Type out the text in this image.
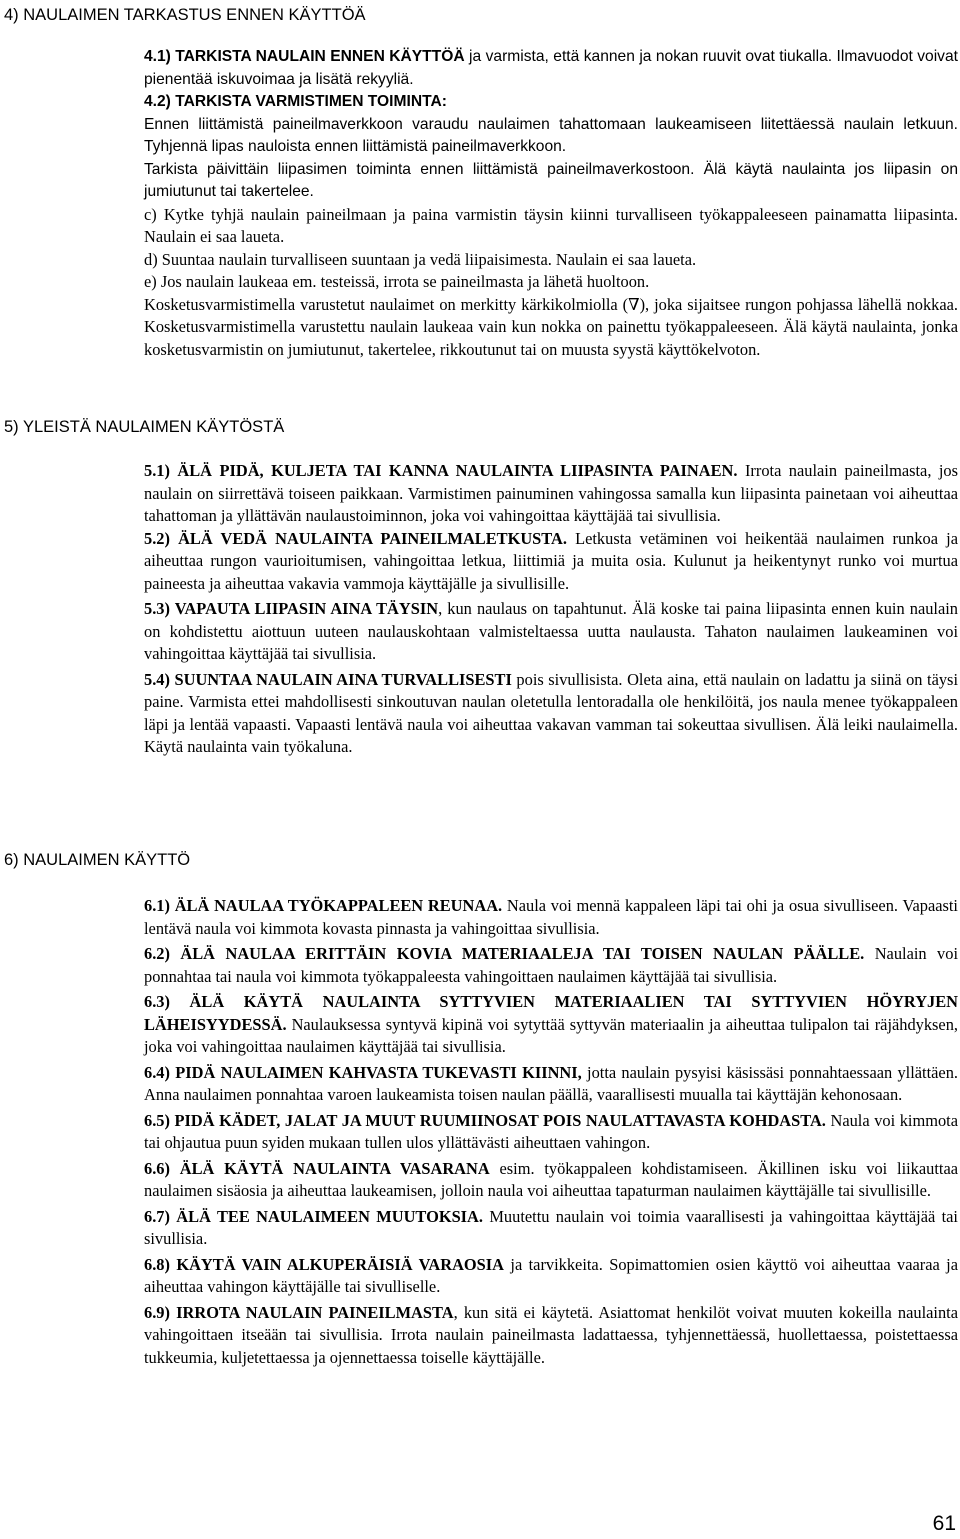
4) NAULAIMEN TARKASTUS ENNEN KÄYTTÖÄ

4.1) TARKISTA NAULAIN ENNEN KÄYTTÖÄ ja varmista, että kannen ja nokan ruuvit ovat tiukalla. Ilmavuodot voivat pienentää iskuvoimaa ja lisätä rekyyliä.

4.2) TARKISTA VARMISTIMEN TOIMINTA:

Ennen liittämistä paineilmaverkkoon varaudu naulaimen tahattomaan laukeamiseen liitettäessä naulain letkuun. Tyhjennä lipas nauloista ennen liittämistä paineilmaverkkoon.

Tarkista päivittäin liipasimen toiminta ennen liittämistä paineilmaverkostoon. Älä käytä naulainta jos liipasin on jumiutunut tai takertelee.

c) Kytke tyhjä naulain paineilmaan ja paina varmistin täysin kiinni turvalliseen työkappaleeseen painamatta liipasinta. Naulain ei saa laueta.

d) Suuntaa naulain turvalliseen suuntaan ja vedä liipaisimesta. Naulain ei saa laueta.

e) Jos naulain laukeaa em. testeissä, irrota se paineilmasta ja lähetä huoltoon.

Kosketusvarmistimella varustetut naulaimet on merkitty kärkikolmiolla (∇), joka sijaitsee rungon pohjassa lähellä nokkaa. Kosketusvarmistimella varustettu naulain laukeaa vain kun nokka on painettu työkappaleeseen. Älä käytä naulainta, jonka kosketusvarmistin on jumiutunut, takertelee, rikkoutunut tai on muusta syystä käyttökelvoton.

5) YLEISTÄ NAULAIMEN KÄYTÖSTÄ

5.1) ÄLÄ PIDÄ, KULJETA TAI KANNA NAULAINTA LIIPASINTA PAINAEN. Irrota naulain paineilmasta, jos naulain on siirrettävä toiseen paikkaan. Varmistimen painuminen vahingossa samalla kun liipasinta painetaan voi aiheuttaa tahattoman ja yllättävän naulaustoiminnon, joka voi vahingoittaa käyttäjää tai sivullisia.

5.2) ÄLÄ VEDÄ NAULAINTA PAINEILMALETKUSTA. Letkusta vetäminen voi heikentää naulaimen runkoa ja aiheuttaa rungon vaurioitumisen, vahingoittaa letkua, liittimiä ja muita osia. Kulunut ja heikentynyt runko voi murtua paineesta ja aiheuttaa vakavia vammoja käyttäjälle ja sivullisille.

5.3) VAPAUTA LIIPASIN AINA TÄYSIN, kun naulaus on tapahtunut. Älä koske tai paina liipasinta ennen kuin naulain on kohdistettu aiottuun uuteen naulauskohtaan valmisteltaessa uutta naulausta. Tahaton naulaimen laukeaminen voi vahingoittaa käyttäjää tai sivullisia.

5.4) SUUNTAA NAULAIN AINA TURVALLISESTI pois sivullisista. Oleta aina, että naulain on ladattu ja siinä on täysi paine. Varmista ettei mahdollisesti sinkoutuvan naulan oletetulla lentoradalla ole henkilöitä, jos naula menee työkappaleen läpi ja lentää vapaasti. Vapaasti lentävä naula voi aiheuttaa vakavan vamman tai sokeuttaa sivullisen. Älä leiki naulaimella. Käytä naulainta vain työkaluna.

6) NAULAIMEN KÄYTTÖ

6.1) ÄLÄ NAULAA TYÖKAPPALEEN REUNAA. Naula voi mennä kappaleen läpi tai ohi ja osua sivulliseen. Vapaasti lentävä naula voi kimmota kovasta pinnasta ja vahingoittaa sivullisia.

6.2) ÄLÄ NAULAA ERITTÄIN KOVIA MATERIAALEJA TAI TOISEN NAULAN PÄÄLLE. Naulain voi ponnahtaa tai naula voi kimmota työkappaleesta vahingoittaen naulaimen käyttäjää tai sivullisia.

6.3) ÄLÄ KÄYTÄ NAULAINTA SYTTYVIEN MATERIAALIEN TAI SYTTYVIEN HÖYRYJEN LÄHEISYYDESSÄ. Naulauksessa syntyvä kipinä voi sytyttää syttyvän materiaalin ja aiheuttaa tulipalon tai räjähdyksen, joka voi vahingoittaa naulaimen käyttäjää tai sivullisia.

6.4) PIDÄ NAULAIMEN KAHVASTA TUKEVASTI KIINNI, jotta naulain pysyisi käsissäsi ponnahtaessaan yllättäen. Anna naulaimen ponnahtaa varoen laukeamista toisen naulan päällä, vaarallisesti muualla tai käyttäjän kehonosaan.

6.5) PIDÄ KÄDET, JALAT JA MUUT RUUMIINOSAT POIS NAULATTAVASTA KOHDASTA. Naula voi kimmota tai ohjautua puun syiden mukaan tullen ulos yllättävästi aiheuttaen vahingon.

6.6) ÄLÄ KÄYTÄ NAULAINTA VASARANA esim. työkappaleen kohdistamiseen. Äkillinen isku voi liikauttaa naulaimen sisäosia ja aiheuttaa laukeamisen, jolloin naula voi aiheuttaa tapaturman naulaimen käyttäjälle tai sivullisille.

6.7) ÄLÄ TEE NAULAIMEEN MUUTOKSIA. Muutettu naulain voi toimia vaarallisesti ja vahingoittaa käyttäjää tai sivullisia.

6.8) KÄYTÄ VAIN ALKUPERÄISIÄ VARAOSIA ja tarvikkeita. Sopimattomien osien käyttö voi aiheuttaa vaaraa ja aiheuttaa vahingon käyttäjälle tai sivulliselle.

6.9) IRROTA NAULAIN PAINEILMASTA, kun sitä ei käytetä. Asiattomat henkilöt voivat muuten kokeilla naulainta vahingoittaen itseään tai sivullisia. Irrota naulain paineilmasta ladattaessa, tyhjennettäessä, huollettaessa, poistettaessa tukkeumia, kuljetettaessa ja ojennettaessa toiselle käyttäjälle.

61
